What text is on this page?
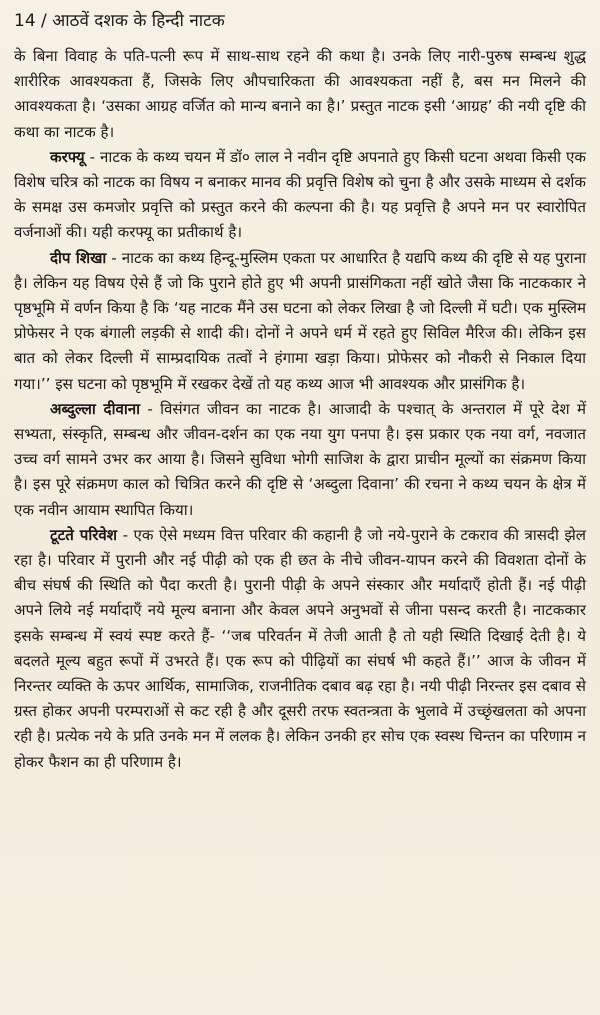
14 / आठवें दशक के हिन्दी नाटक

के बिना विवाह के पति-पत्नी रूप में साथ-साथ रहने की कथा है। उनके लिए नारी-पुरुष सम्बन्ध शुद्ध शारीरिक आवश्यकता हैं, जिसके लिए औपचारिकता की आवश्यकता नहीं है, बस मन मिलने की आवश्यकता है। ‘उसका आग्रह वर्जित को मान्य बनाने का है।’ प्रस्तुत नाटक इसी ‘आग्रह’ की नयी दृष्टि की कथा का नाटक है।

करफ्यू - नाटक के कथ्य चयन में डॉ० लाल ने नवीन दृष्टि अपनाते हुए किसी घटना अथवा किसी एक विशेष चरित्र को नाटक का विषय न बनाकर मानव की प्रवृत्ति विशेष को चुना है और उसके माध्यम से दर्शक के समक्ष उस कमजोर प्रवृत्ति को प्रस्तुत करने की कल्पना की है। यह प्रवृत्ति है अपने मन पर स्वारोपित वर्जनाओं की। यही करफ्यू का प्रतीकार्थ है।

दीप शिखा - नाटक का कथ्य हिन्दू-मुस्लिम एकता पर आधारित है यद्यपि कथ्य की दृष्टि से यह पुराना है। लेकिन यह विषय ऐसे हैं जो कि पुराने होते हुए भी अपनी प्रासंगिकता नहीं खोते जैसा कि नाटककार ने पृष्ठभूमि में वर्णन किया है कि ‘यह नाटक मैंने उस घटना को लेकर लिखा है जो दिल्ली में घटी। एक मुस्लिम प्रोफेसर ने एक बंगाली लड़की से शादी की। दोनों ने अपने धर्म में रहते हुए सिविल मैरिज की। लेकिन इस बात को लेकर दिल्ली में साम्प्रदायिक तत्वों ने हंगामा खड़ा किया। प्रोफेसर को नौकरी से निकाल दिया गया।’’ इस घटना को पृष्ठभूमि में रखकर देखें तो यह कथ्य आज भी आवश्यक और प्रासंगिक है।

अब्दुल्ला दीवाना - विसंगत जीवन का नाटक है। आजादी के पश्चात् के अन्तराल में पूरे देश में सभ्यता, संस्कृति, सम्बन्ध और जीवन-दर्शन का एक नया युग पनपा है। इस प्रकार एक नया वर्ग, नवजात उच्च वर्ग सामने उभर कर आया है। जिसने सुविधा भोगी साजिश के द्वारा प्राचीन मूल्यों का संक्रमण किया है। इस पूरे संक्रमण काल को चित्रित करने की दृष्टि से ‘अब्दुला दिवाना’ की रचना ने कथ्य चयन के क्षेत्र में एक नवीन आयाम स्थापित किया।

टूटते परिवेश - एक ऐसे मध्यम वित्त परिवार की कहानी है जो नये-पुराने के टकराव की त्रासदी झेल रहा है। परिवार में पुरानी और नई पीढ़ी को एक ही छत के नीचे जीवन-यापन करने की विवशता दोनों के बीच संघर्ष की स्थिति को पैदा करती है। पुरानी पीढ़ी के अपने संस्कार और मर्यादाएँ होती हैं। नई पीढ़ी अपने लिये नई मर्यादाएँ नये मूल्य बनाना और केवल अपने अनुभवों से जीना पसन्द करती है। नाटककार इसके सम्बन्ध में स्वयं स्पष्ट करते हैं- ‘‘जब परिवर्तन में तेजी आती है तो यही स्थिति दिखाई देती है। ये बदलते मूल्य बहुत रूपों में उभरते हैं। एक रूप को पीढ़ियों का संघर्ष भी कहते हैं।’’ आज के जीवन में निरन्तर व्यक्ति के ऊपर आर्थिक, सामाजिक, राजनीतिक दबाव बढ़ रहा है। नयी पीढ़ी निरन्तर इस दबाव से ग्रस्त होकर अपनी परम्पराओं से कट रही है और दूसरी तरफ स्वतन्त्रता के भुलावे में उच्छृंखलता को अपना रही है। प्रत्येक नये के प्रति उनके मन में ललक है। लेकिन उनकी हर सोच एक स्वस्थ चिन्तन का परिणाम न होकर फैशन का ही परिणाम है।
